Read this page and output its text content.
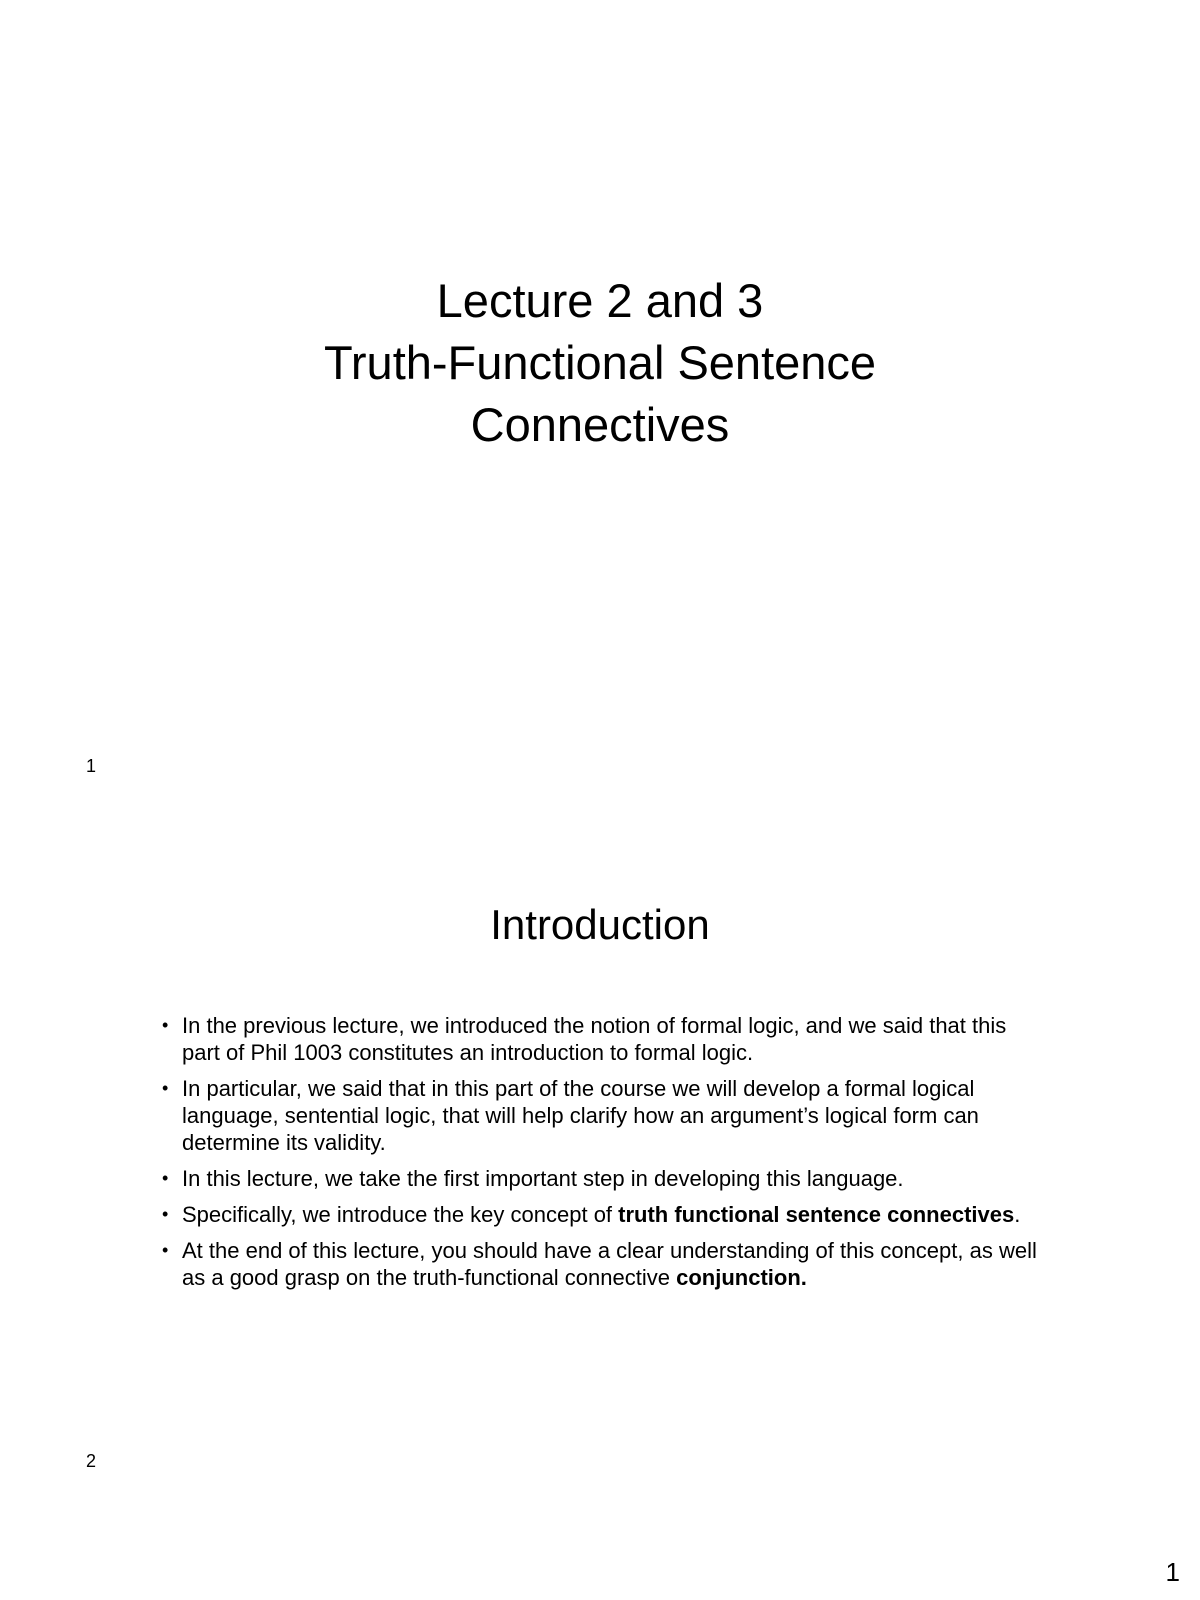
Lecture 2 and 3
Truth-Functional Sentence
Connectives
1
Introduction
• In the previous lecture, we introduced the notion of formal logic, and we said that this part of Phil 1003 constitutes an introduction to formal logic.
• In particular, we said that in this part of the course we will develop a formal logical language, sentential logic, that will help clarify how an argument’s logical form can determine its validity.
• In this lecture, we take the first important step in developing this language.
• Specifically, we introduce the key concept of truth functional sentence connectives.
• At the end of this lecture, you should have a clear understanding of this concept, as well as a good grasp on the truth-functional connective conjunction.
2
1
